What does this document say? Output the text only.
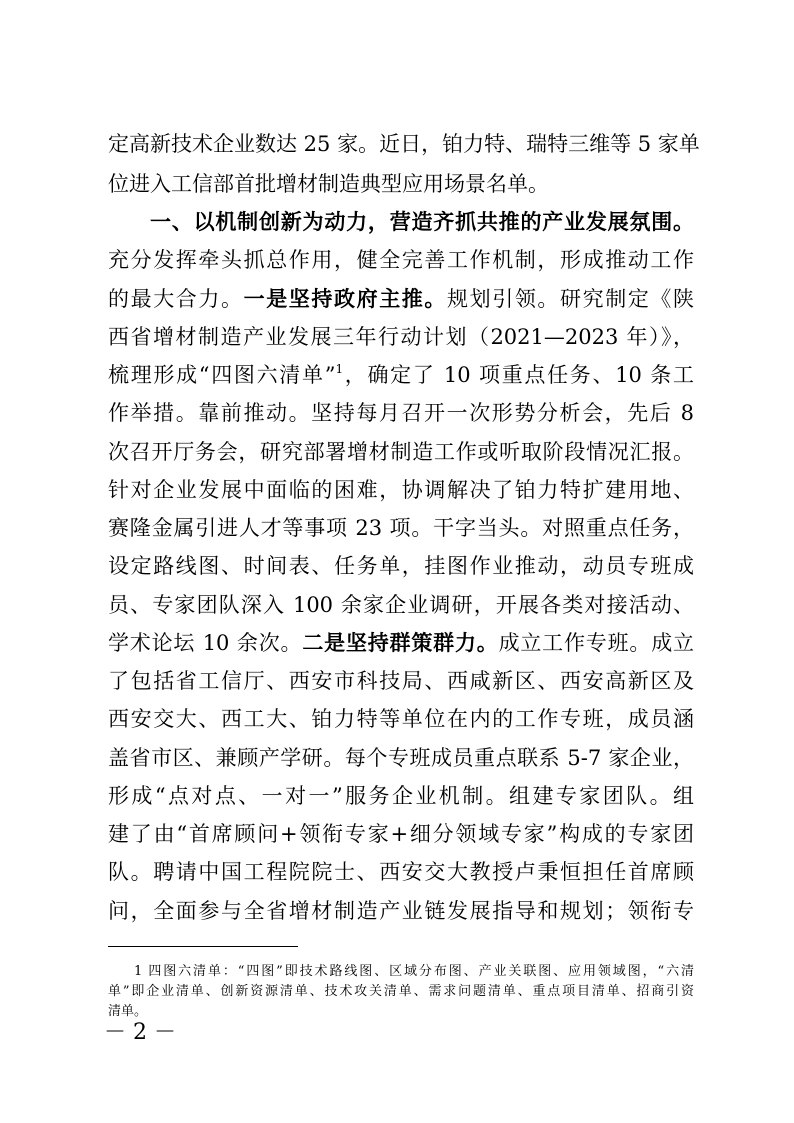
定高新技术企业数达 25 家。近日，铂力特、瑞特三维等 5 家单
位进入工信部首批增材制造典型应用场景名单。
一、以机制创新为动力，营造齐抓共推的产业发展氛围。
充分发挥牵头抓总作用，健全完善工作机制，形成推动工作
的最大合力。一是坚持政府主推。规划引领。研究制定《陕
西省增材制造产业发展三年行动计划（2021—2023 年）》，
梳理形成“四图六清单”$^1$，确定了 10 项重点任务、10 条工
作举措。靠前推动。坚持每月召开一次形势分析会，先后 8
次召开厅务会，研究部署增材制造工作或听取阶段情况汇报。
针对企业发展中面临的困难，协调解决了铂力特扩建用地、
赛隆金属引进人才等事项 23 项。干字当头。对照重点任务，
设定路线图、时间表、任务单，挂图作业推动，动员专班成
员、专家团队深入 100 余家企业调研，开展各类对接活动、
学术论坛 10 余次。二是坚持群策群力。成立工作专班。成立
了包括省工信厅、西安市科技局、西咸新区、西安高新区及
西安交大、西工大、铂力特等单位在内的工作专班，成员涵
盖省市区、兼顾产学研。每个专班成员重点联系 5-7 家企业，
形成“点对点、一对一”服务企业机制。组建专家团队。组
建了由“首席顾问+领衔专家+细分领域专家”构成的专家团
队。聘请中国工程院院士、西安交大教授卢秉恒担任首席顾
问，全面参与全省增材制造产业链发展指导和规划；领衔专
1 四图六清单：“四图”即技术路线图、区域分布图、产业关联图、应用领域图，“六清
单”即企业清单、创新资源清单、技术攻关清单、需求问题清单、重点项目清单、招商引资
清单。
－ 2 －
